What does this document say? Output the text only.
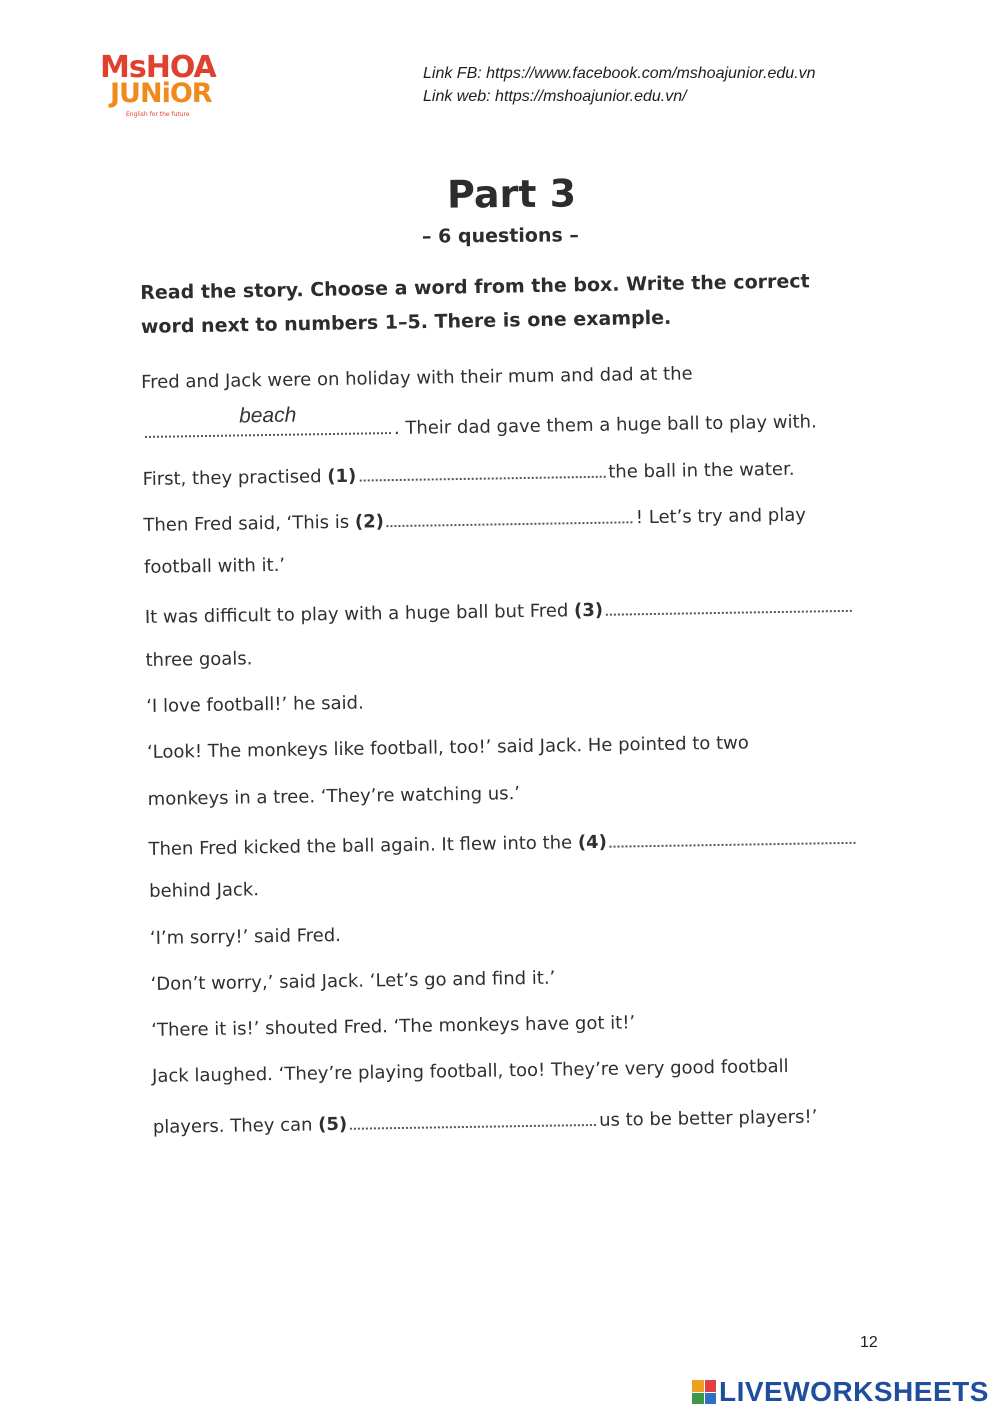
MsHOA
JUNiOR
English for the future
Link FB: https://www.facebook.com/mshoajunior.edu.vn
Link web: https://mshoajunior.edu.vn/
Part 3
– 6 questions –
Read the story. Choose a word from the box. Write the correct word next to numbers 1–5. There is one example.
Fred and Jack were on holiday with their mum and dad at the
beach	. Their dad gave them a huge ball to play with.
First, they practised (1)	the ball in the water.
Then Fred said, ‘This is (2)	! Let’s try and play
football with it.’
It was difficult to play with a huge ball but Fred (3)
three goals.
‘I love football!’ he said.
‘Look! The monkeys like football, too!’ said Jack. He pointed to two
monkeys in a tree. ‘They’re watching us.’
Then Fred kicked the ball again. It flew into the (4)
behind Jack.
‘I’m sorry!’ said Fred.
‘Don’t worry,’ said Jack. ‘Let’s go and find it.’
‘There it is!’ shouted Fred. ‘The monkeys have got it!’
Jack laughed. ‘They’re playing football, too! They’re very good football
players. They can (5)	us to be better players!’
12
LIVEWORKSHEETS
